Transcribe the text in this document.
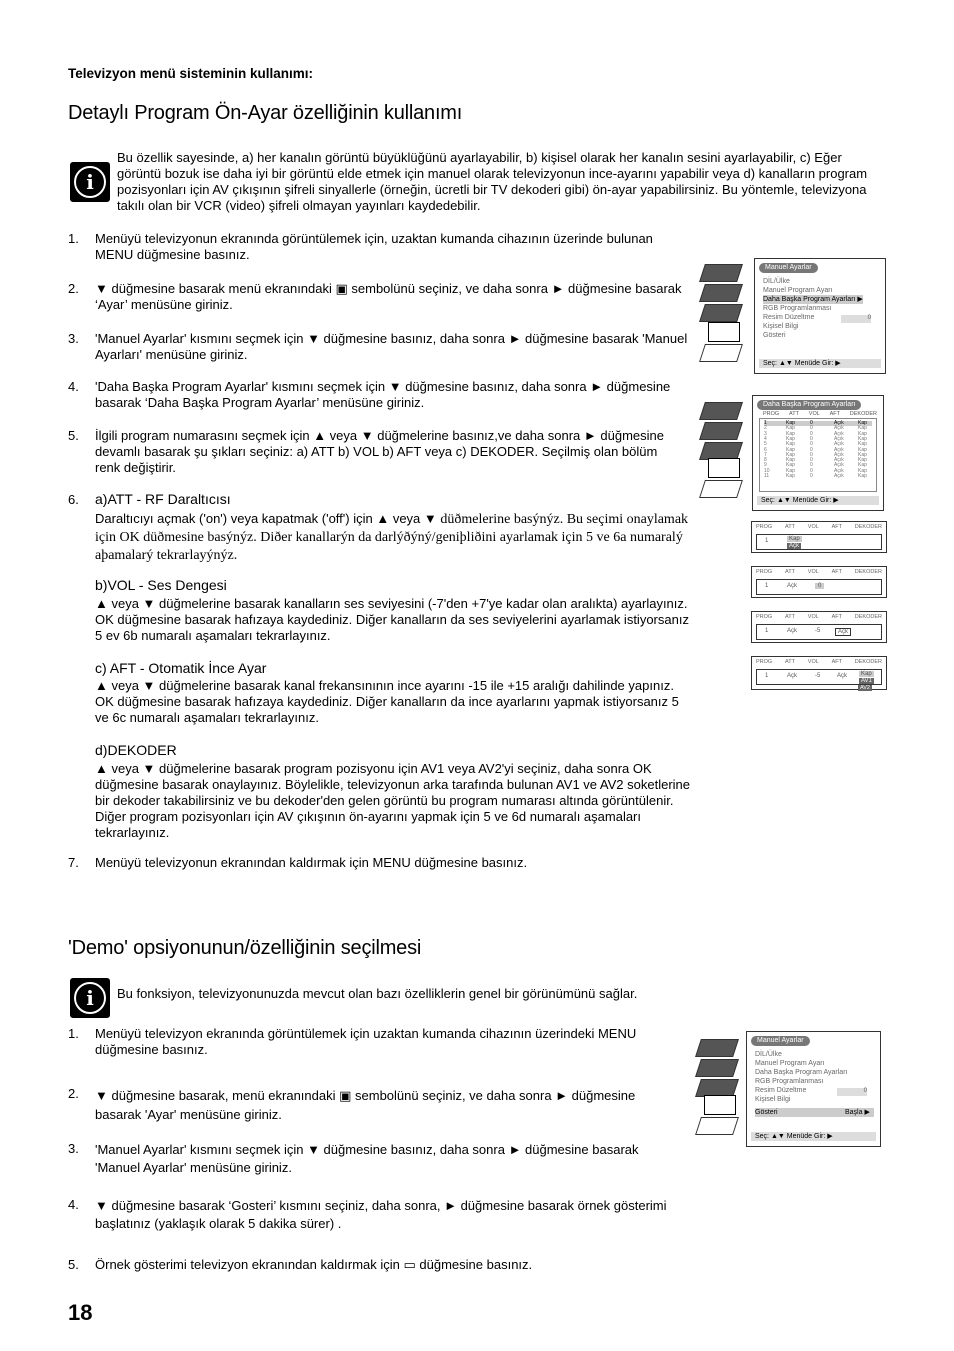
Televizyon menü sisteminin kullanımı:
Detaylı Program Ön-Ayar özelliğinin kullanımı
i
Bu özellik sayesinde, a) her kanalın görüntü büyüklüğünü ayarlayabilir, b) kişisel olarak her kanalın sesini ayarlayabilir, c) Eğer görüntü bozuk ise daha iyi bir görüntü elde etmek için manuel olarak televizyonun ince-ayarını yapabilir veya d) kanalların program pozisyonları için AV çıkışının şifreli sinyallerle (örneğin, ücretli bir TV dekoderi gibi) ön-ayar yapabilirsiniz. Bu yöntemle, televizyona takılı olan bir VCR (video) şifreli olmayan yayınları kaydedebilir.
1.	Menüyü televizyonun ekranında görüntülemek için, uzaktan kumanda cihazının üzerinde bulunan MENU düğmesine basınız.
2.	▼ düğmesine basarak menü ekranındaki ▣ sembolünü seçiniz, ve daha sonra ► düğmesine basarak ‘Ayar’ menüsüne giriniz.
3.	'Manuel Ayarlar' kısmını seçmek için ▼ düğmesine basınız, daha sonra ► düğmesine basarak 'Manuel Ayarları' menüsüne giriniz.
4.	'Daha Başka Program Ayarlar' kısmını seçmek için ▼ düğmesine basınız, daha sonra ► düğmesine basarak ‘Daha Başka Program Ayarlar’ menüsüne giriniz.
5.	İlgili program numarasını seçmek için ▲ veya ▼ düğmelerine basınız,ve daha sonra ► düğmesine devamlı basarak şu şıkları seçiniz: a) ATT b) VOL b) AFT veya c) DEKODER. Seçilmiş olan bölüm renk değiştirir.
6.	a)ATT - RF Daraltıcısı
Daraltıcıyı açmak ('on') veya kapatmak ('off') için ▲ veya ▼ düðmelerine basýnýz. Bu seçimi onaylamak için OK düðmesine basýnýz. Diðer kanallarýn da darlýðýný/geniþliðini ayarlamak için 5 ve 6a numaralý aþamalarý tekrarlayýnýz.
b)VOL - Ses Dengesi
▲ veya ▼ düğmelerine basarak kanalların ses seviyesini (-7'den +7'ye kadar olan aralıkta) ayarlayınız. OK düğmesine basarak hafızaya kaydediniz. Diğer kanalların da ses seviyelerini ayarlamak istiyorsanız 5 ev 6b numaralı aşamaları tekrarlayınız.
c) AFT - Otomatik İnce Ayar
▲ veya ▼ düğmelerine basarak kanal frekansınının ince ayarını -15 ile +15 aralığı dahilinde yapınız. OK düğmesine basarak hafızaya kaydediniz. Diğer kanalların da ince ayarlarını yapmak istiyorsanız 5 ve 6c numaralı aşamaları tekrarlayınız.
d)DEKODER
▲ veya ▼ düğmelerine basarak program pozisyonu için AV1 veya AV2'yi seçiniz, daha sonra OK düğmesine basarak onaylayınız. Böylelikle, televizyonun arka tarafında bulunan AV1 ve AV2 soketlerine bir dekoder takabilirsiniz ve bu dekoder'den gelen görüntü bu program numarası altında görüntülenir. Diğer program pozisyonları için AV çıkışının ön-ayarını yapmak için 5 ve 6d numaralı aşamaları tekrarlayınız.
7.	Menüyü televizyonun ekranından kaldırmak için MENU düğmesine basınız.
'Demo' opsiyonunun/özelliğinin seçilmesi
i	Bu fonksiyon, televizyonunuzda mevcut olan bazı özelliklerin genel bir görünümünü sağlar.
1.	Menüyü televizyon ekranında görüntülemek için uzaktan kumanda cihazının üzerindeki MENU düğmesine basınız.
2.	▼ düğmesine basarak, menü ekranındaki ▣ sembolünü seçiniz, ve daha sonra ► düğmesine basarak 'Ayar' menüsüne giriniz.
3.	'Manuel Ayarlar' kısmını seçmek için ▼ düğmesine basınız, daha sonra ► düğmesine basarak 'Manuel Ayarlar' menüsüne giriniz.
4.	▼ düğmesine basarak ‘Gosteri’ kısmını seçiniz, daha sonra, ► düğmesine basarak örnek gösterimi başlatınız (yaklaşık olarak 5 dakika sürer) .
5.	Örnek gösterimi televizyon ekranından kaldırmak için ▭ düğmesine basınız.
18
Manuel Ayarlar
DİL/Ülke
Manuel Program Ayarı
Daha Başka Program Ayarları ▶
RGB Programlanması
Resim Düzeltme
Kişisel Bilgi
Gösteri
0
Seç: ▲▼ Menüde Gir: ▶
Daha Başka Program Ayarları
PROG ATT VOL AFT DEKODER
1	Kap	0	Açık	Kap
2	Kap	0	Açık	Kap
3	Kap	0	Açık	Kap
4	Kap	0	Açık	Kap
5	Kap	0	Açık	Kap
6	Kap	0	Açık	Kap
7	Kap	0	Açık	Kap
8	Kap	0	Açık	Kap
9	Kap	0	Açık	Kap
10	Kap	0	Açık	Kap
11	Kap	0	Açık	Kap
Seç: ▲▼ Menüde Gir: ▶
PROG ATT VOL AFT DEKODER
1	Kap
Açk
PROG ATT VOL AFT DEKODER
1	Açk	0
PROG ATT VOL AFT DEKODER
1	Açk	-5	Açk
PROG ATT VOL AFT DEKODER
1	Açk	-5	Açk	Kap
AV1
AV2
Manuel Ayarlar
DİL/Ülke
Manuel Program Ayarı
Daha Başka Program Ayarları
RGB Programlanması
Resim Düzeltme
Kişisel Bilgi
Gösteri	Başla ▶
0
Seç: ▲▼ Menüde Gir: ▶
